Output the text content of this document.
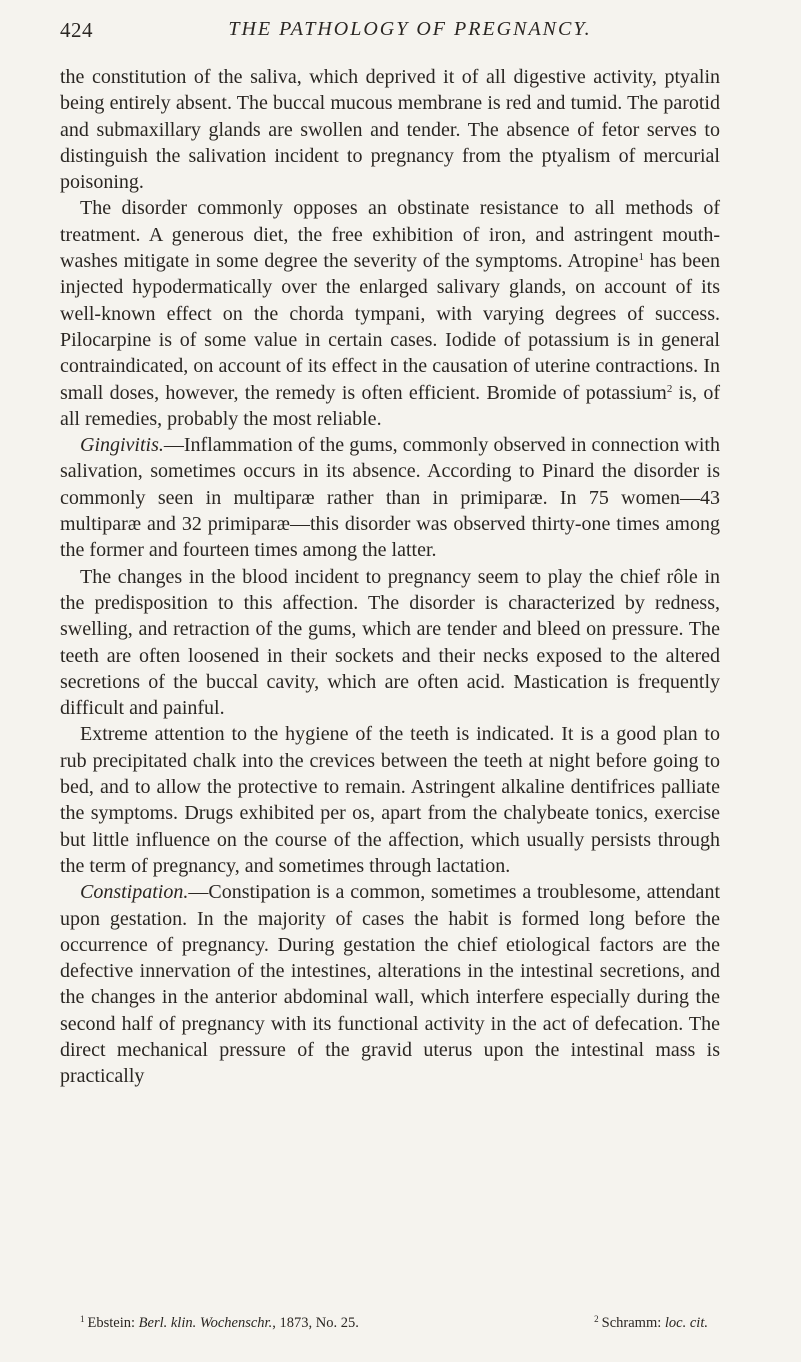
424	THE PATHOLOGY OF PREGNANCY.

the constitution of the saliva, which deprived it of all digestive activity, ptyalin being entirely absent. The buccal mucous membrane is red and tumid. The parotid and submaxillary glands are swollen and tender. The absence of fetor serves to distinguish the salivation incident to pregnancy from the ptyalism of mercurial poisoning.

The disorder commonly opposes an obstinate resistance to all methods of treatment. A generous diet, the free exhibition of iron, and astringent mouth-washes mitigate in some degree the severity of the symptoms. Atropine$^1$ has been injected hypodermatically over the enlarged salivary glands, on account of its well-known effect on the chorda tympani, with varying degrees of success. Pilocarpine is of some value in certain cases. Iodide of potassium is in general contraindicated, on account of its effect in the causation of uterine contractions. In small doses, however, the remedy is often efficient. Bromide of potassium$^2$ is, of all remedies, probably the most reliable.

Gingivitis.—Inflammation of the gums, commonly observed in connection with salivation, sometimes occurs in its absence. According to Pinard the disorder is commonly seen in multiparæ rather than in primiparæ. In 75 women—43 multiparæ and 32 primiparæ—this disorder was observed thirty-one times among the former and fourteen times among the latter.

The changes in the blood incident to pregnancy seem to play the chief rôle in the predisposition to this affection. The disorder is characterized by redness, swelling, and retraction of the gums, which are tender and bleed on pressure. The teeth are often loosened in their sockets and their necks exposed to the altered secretions of the buccal cavity, which are often acid. Mastication is frequently difficult and painful.

Extreme attention to the hygiene of the teeth is indicated. It is a good plan to rub precipitated chalk into the crevices between the teeth at night before going to bed, and to allow the protective to remain. Astringent alkaline dentifrices palliate the symptoms. Drugs exhibited per os, apart from the chalybeate tonics, exercise but little influence on the course of the affection, which usually persists through the term of pregnancy, and sometimes through lactation.

Constipation.—Constipation is a common, sometimes a troublesome, attendant upon gestation. In the majority of cases the habit is formed long before the occurrence of pregnancy. During gestation the chief etiological factors are the defective innervation of the intestines, alterations in the intestinal secretions, and the changes in the anterior abdominal wall, which interfere especially during the second half of pregnancy with its functional activity in the act of defecation. The direct mechanical pressure of the gravid uterus upon the intestinal mass is practically

$^1$ Ebstein: Berl. klin. Wochenschr., 1873, No. 25.	$^2$ Schramm: loc. cit.
